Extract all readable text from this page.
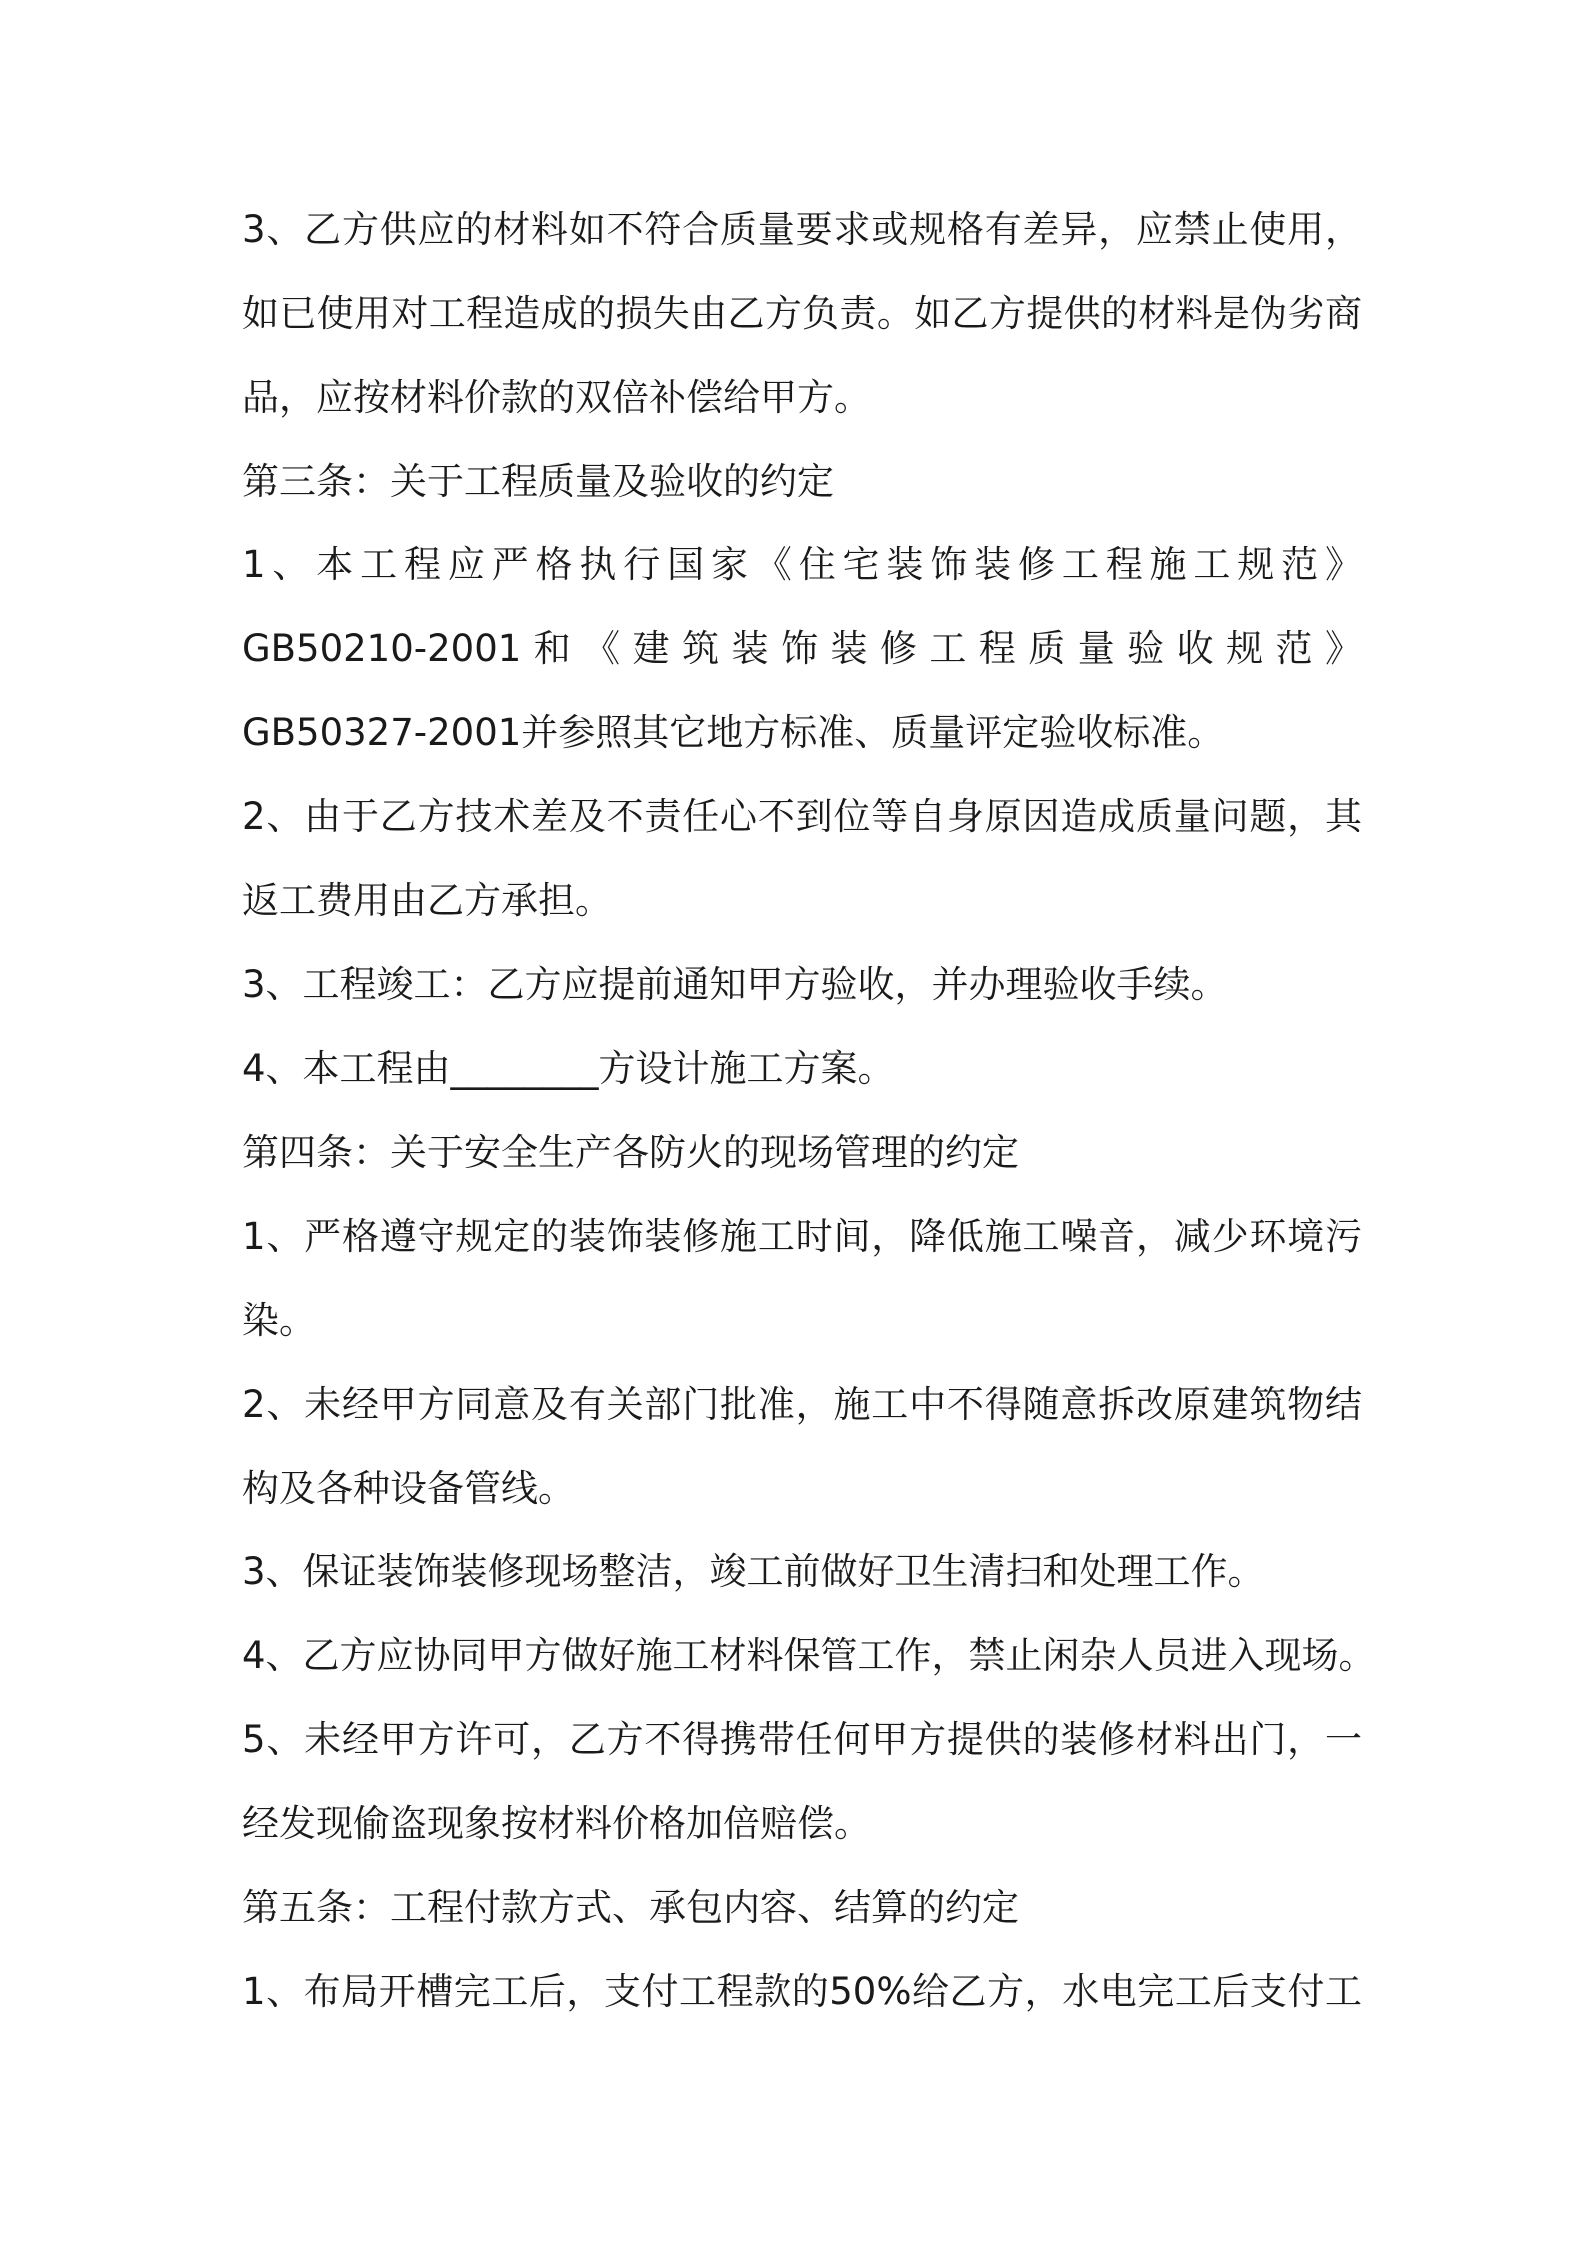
3、乙方供应的材料如不符合质量要求或规格有差异，应禁止使用，
如已使用对工程造成的损失由乙方负责。如乙方提供的材料是伪劣商
品，应按材料价款的双倍补偿给甲方。
第三条：关于工程质量及验收的约定
1、本工程应严格执行国家《住宅装饰装修工程施工规范》
GB50210-2001和《建筑装饰装修工程质量验收规范》
GB50327-2001并参照其它地方标准、质量评定验收标准。
2、由于乙方技术差及不责任心不到位等自身原因造成质量问题，其
返工费用由乙方承担。
3、工程竣工：乙方应提前通知甲方验收，并办理验收手续。
4、本工程由________方设计施工方案。
第四条：关于安全生产各防火的现场管理的约定
1、严格遵守规定的装饰装修施工时间，降低施工噪音，减少环境污
染。
2、未经甲方同意及有关部门批准，施工中不得随意拆改原建筑物结
构及各种设备管线。
3、保证装饰装修现场整洁，竣工前做好卫生清扫和处理工作。
4、乙方应协同甲方做好施工材料保管工作，禁止闲杂人员进入现场。
5、未经甲方许可，乙方不得携带任何甲方提供的装修材料出门，一
经发现偷盗现象按材料价格加倍赔偿。
第五条：工程付款方式、承包内容、结算的约定
1、布局开槽完工后，支付工程款的50%给乙方，水电完工后支付工
